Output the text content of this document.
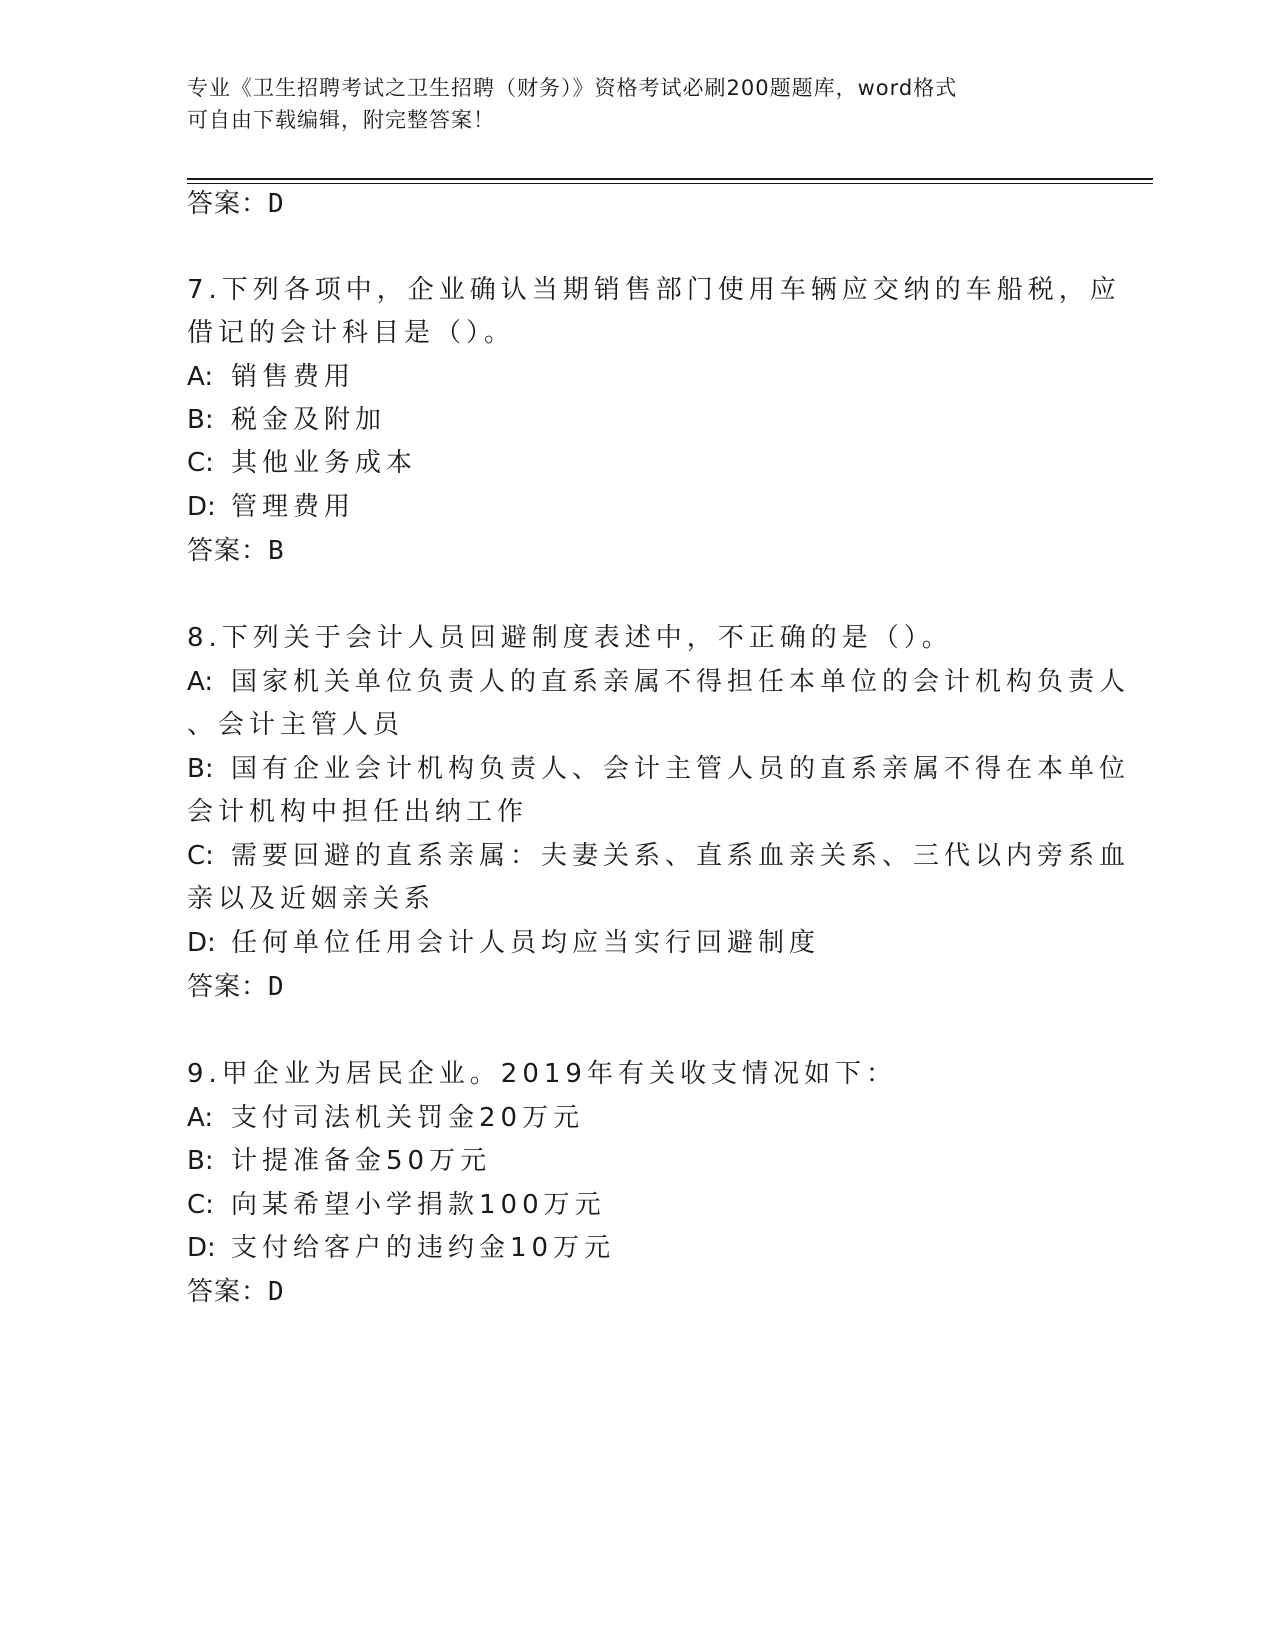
专业《卫生招聘考试之卫生招聘（财务）》资格考试必刷200题题库，word格式
可自由下载编辑，附完整答案！
答案：D
7.下列各项中，企业确认当期销售部门使用车辆应交纳的车船税，应
借记的会计科目是（）。
A: 销售费用
B: 税金及附加
C: 其他业务成本
D: 管理费用
答案：B
8.下列关于会计人员回避制度表述中，不正确的是（）。
A: 国家机关单位负责人的直系亲属不得担任本单位的会计机构负责人
、会计主管人员
B: 国有企业会计机构负责人、会计主管人员的直系亲属不得在本单位
会计机构中担任出纳工作
C: 需要回避的直系亲属：夫妻关系、直系血亲关系、三代以内旁系血
亲以及近姻亲关系
D: 任何单位任用会计人员均应当实行回避制度
答案：D
9.甲企业为居民企业。2019年有关收支情况如下：
A: 支付司法机关罚金20万元
B: 计提准备金50万元
C: 向某希望小学捐款100万元
D: 支付给客户的违约金10万元
答案：D
